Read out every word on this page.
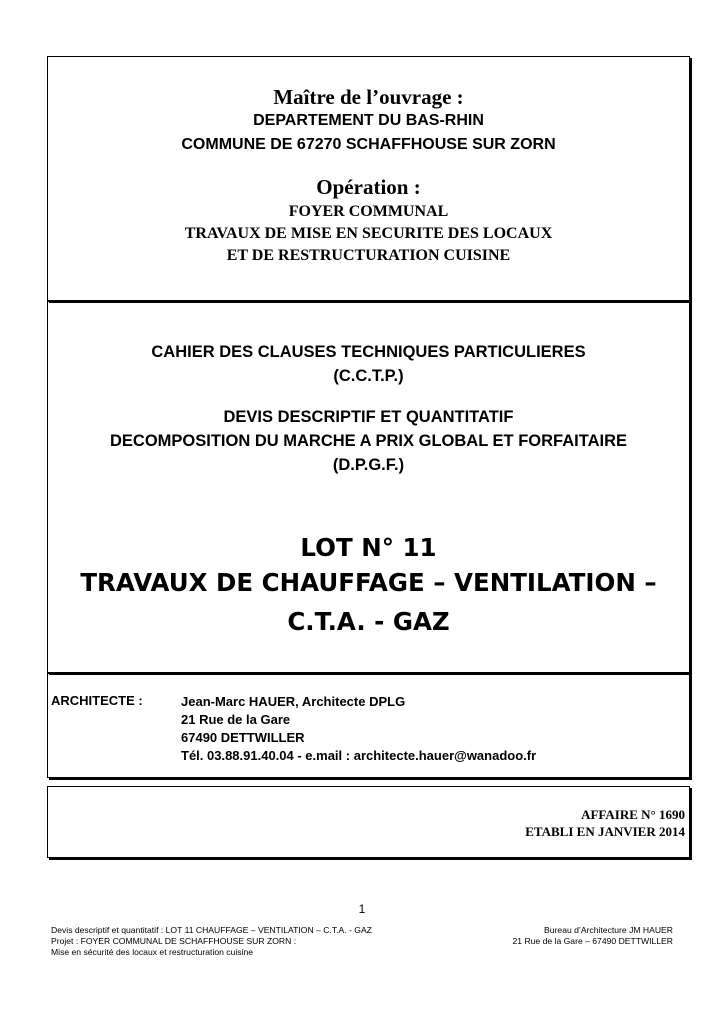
Maître de l’ouvrage :
DEPARTEMENT DU BAS-RHIN
COMMUNE DE 67270 SCHAFFHOUSE SUR ZORN
Opération :
FOYER COMMUNAL
TRAVAUX DE MISE EN SECURITE DES LOCAUX
ET DE RESTRUCTURATION CUISINE
CAHIER DES CLAUSES TECHNIQUES PARTICULIERES
(C.C.T.P.)
DEVIS DESCRIPTIF ET QUANTITATIF
DECOMPOSITION DU MARCHE A PRIX GLOBAL ET FORFAITAIRE
(D.P.G.F.)
LOT N° 11
TRAVAUX DE CHAUFFAGE – VENTILATION –
C.T.A. - GAZ
ARCHITECTE :	Jean-Marc HAUER, Architecte DPLG
21 Rue de la Gare
67490 DETTWILLER
Tél. 03.88.91.40.04 - e.mail : architecte.hauer@wanadoo.fr
AFFAIRE N° 1690
ETABLI EN JANVIER 2014
1
Devis descriptif et quantitatif : LOT 11 CHAUFFAGE – VENTILATION – C.T.A. - GAZ
Projet : FOYER COMMUNAL DE SCHAFFHOUSE SUR ZORN :
Mise en sécurité des locaux et restructuration cuisine
Bureau d’Architecture JM HAUER
21 Rue de la Gare – 67490 DETTWILLER
